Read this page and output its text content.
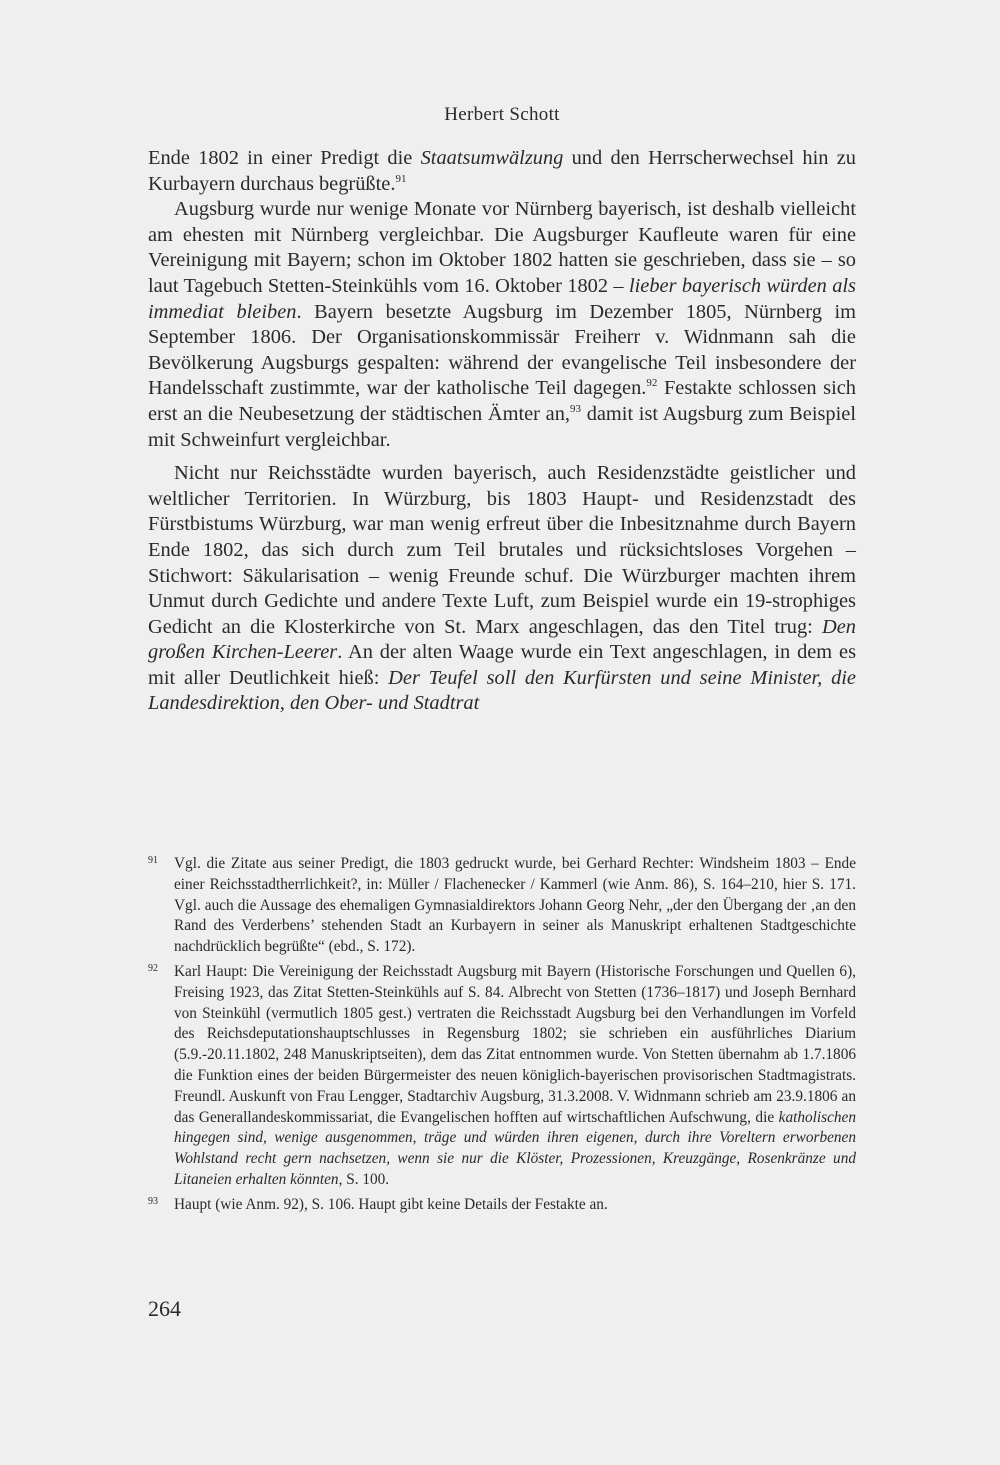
Herbert Schott

Ende 1802 in einer Predigt die Staatsumwälzung und den Herrscherwechsel hin zu Kurbayern durchaus begrüßte.$^{91}$

Augsburg wurde nur wenige Monate vor Nürnberg bayerisch, ist deshalb vielleicht am ehesten mit Nürnberg vergleichbar. Die Augsburger Kaufleute waren für eine Vereinigung mit Bayern; schon im Oktober 1802 hatten sie geschrieben, dass sie – so laut Tagebuch Stetten-Steinkühls vom 16. Oktober 1802 – lieber bayerisch würden als immediat bleiben. Bayern besetzte Augsburg im Dezember 1805, Nürnberg im September 1806. Der Organisationskommissär Freiherr v. Widnmann sah die Bevölkerung Augsburgs gespalten: während der evangelische Teil insbesondere der Handelsschaft zustimmte, war der katholische Teil dagegen.$^{92}$ Festakte schlossen sich erst an die Neubesetzung der städtischen Ämter an,$^{93}$ damit ist Augsburg zum Beispiel mit Schweinfurt vergleichbar.

Nicht nur Reichsstädte wurden bayerisch, auch Residenzstädte geistlicher und weltlicher Territorien. In Würzburg, bis 1803 Haupt- und Residenzstadt des Fürstbistums Würzburg, war man wenig erfreut über die Inbesitznahme durch Bayern Ende 1802, das sich durch zum Teil brutales und rücksichtsloses Vorgehen – Stichwort: Säkularisation – wenig Freunde schuf. Die Würzburger machten ihrem Unmut durch Gedichte und andere Texte Luft, zum Beispiel wurde ein 19-strophiges Gedicht an die Klosterkirche von St. Marx angeschlagen, das den Titel trug: Den großen Kirchen-Leerer. An der alten Waage wurde ein Text angeschlagen, in dem es mit aller Deutlichkeit hieß: Der Teufel soll den Kurfürsten und seine Minister, die Landesdirektion, den Ober- und Stadtrat

91 Vgl. die Zitate aus seiner Predigt, die 1803 gedruckt wurde, bei Gerhard Rechter: Windsheim 1803 – Ende einer Reichsstadtherrlichkeit?, in: Müller / Flachenecker / Kammerl (wie Anm. 86), S. 164–210, hier S. 171. Vgl. auch die Aussage des ehemaligen Gymnasialdirektors Johann Georg Nehr, „der den Übergang der ‚an den Rand des Verderbens’ stehenden Stadt an Kurbayern in seiner als Manuskript erhaltenen Stadtgeschichte nachdrücklich begrüßte“ (ebd., S. 172).
92 Karl Haupt: Die Vereinigung der Reichsstadt Augsburg mit Bayern (Historische Forschungen und Quellen 6), Freising 1923, das Zitat Stetten-Steinkühls auf S. 84. Albrecht von Stetten (1736–1817) und Joseph Bernhard von Steinkühl (vermutlich 1805 gest.) vertraten die Reichsstadt Augsburg bei den Verhandlungen im Vorfeld des Reichsdeputationshauptschlusses in Regensburg 1802; sie schrieben ein ausführliches Diarium (5.9.-20.11.1802, 248 Manuskriptseiten), dem das Zitat entnommen wurde. Von Stetten übernahm ab 1.7.1806 die Funktion eines der beiden Bürgermeister des neuen königlich-bayerischen provisorischen Stadtmagistrats. Freundl. Auskunft von Frau Lengger, Stadtarchiv Augsburg, 31.3.2008. V. Widnmann schrieb am 23.9.1806 an das Generallandeskommissariat, die Evangelischen hofften auf wirtschaftlichen Aufschwung, die katholischen hingegen sind, wenige ausgenommen, träge und würden ihren eigenen, durch ihre Voreltern erworbenen Wohlstand recht gern nachsetzen, wenn sie nur die Klöster, Prozessionen, Kreuzgänge, Rosenkränze und Litaneien erhalten könnten, S. 100.
93 Haupt (wie Anm. 92), S. 106. Haupt gibt keine Details der Festakte an.
264
